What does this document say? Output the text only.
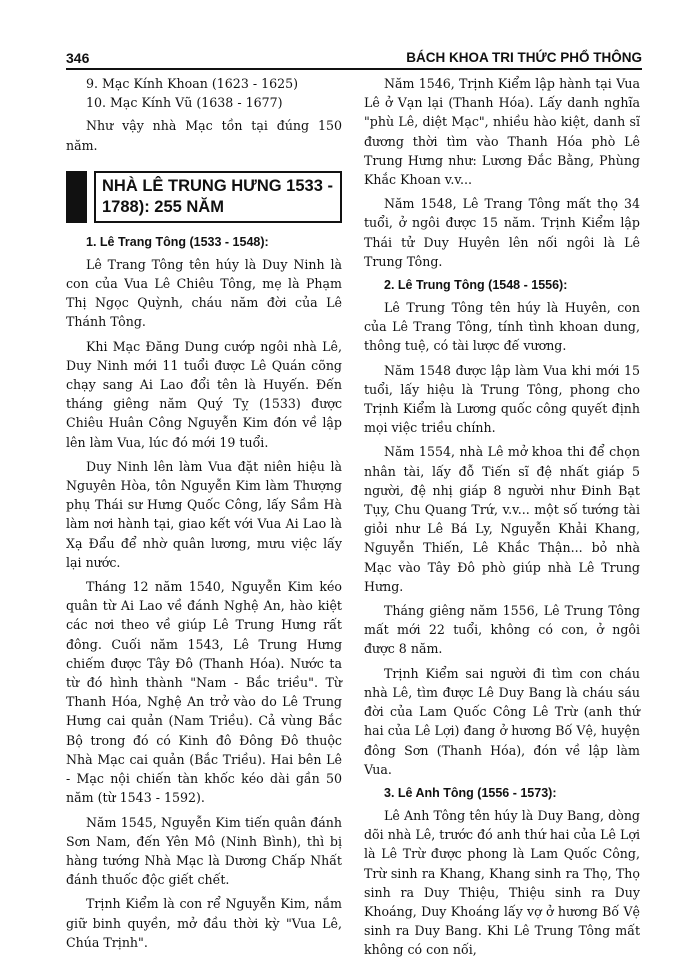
346	BÁCH KHOA TRI THỨC PHỔ THÔNG

9. Mạc Kính Khoan (1623 - 1625)

10. Mạc Kính Vũ (1638 - 1677)

Như vậy nhà Mạc tồn tại đúng 150 năm.

NHÀ LÊ TRUNG HƯNG 1533 - 1788): 255 NĂM
1. Lê Trang Tông (1533 - 1548):

Lê Trang Tông tên húy là Duy Ninh là con của Vua Lê Chiêu Tông, mẹ là Phạm Thị Ngọc Quỳnh, cháu năm đời của Lê Thánh Tông.

Khi Mạc Đăng Dung cướp ngôi nhà Lê, Duy Ninh mới 11 tuổi được Lê Quán cõng chạy sang Ai Lao đổi tên là Huyến. Đến tháng giêng năm Quý Tỵ (1533) được Chiêu Huân Công Nguyễn Kim đón về lập lên làm Vua, lúc đó mới 19 tuổi.

Duy Ninh lên làm Vua đặt niên hiệu là Nguyên Hòa, tôn Nguyễn Kim làm Thượng phụ Thái sư Hưng Quốc Công, lấy Sầm Hà làm nơi hành tại, giao kết với Vua Ai Lao là Xạ Đẩu để nhờ quân lương, mưu việc lấy lại nước.

Tháng 12 năm 1540, Nguyễn Kim kéo quân từ Ai Lao về đánh Nghệ An, hào kiệt các nơi theo về giúp Lê Trung Hưng rất đông. Cuối năm 1543, Lê Trung Hưng chiếm được Tây Đô (Thanh Hóa). Nước ta từ đó hình thành "Nam - Bắc triều". Từ Thanh Hóa, Nghệ An trở vào do Lê Trung Hưng cai quản (Nam Triều). Cả vùng Bắc Bộ trong đó có Kinh đô Đông Đô thuộc Nhà Mạc cai quản (Bắc Triều). Hai bên Lê - Mạc nội chiến tàn khốc kéo dài gần 50 năm (từ 1543 - 1592).

Năm 1545, Nguyễn Kim tiến quân đánh Sơn Nam, đến Yên Mô (Ninh Bình), thì bị hàng tướng Nhà Mạc là Dương Chấp Nhất đánh thuốc độc giết chết.

Trịnh Kiểm là con rể Nguyễn Kim, nắm giữ binh quyền, mở đầu thời kỳ "Vua Lê, Chúa Trịnh".

Năm 1546, Trịnh Kiểm lập hành tại Vua Lê ở Vạn lại (Thanh Hóa). Lấy danh nghĩa "phù Lê, diệt Mạc", nhiều hào kiệt, danh sĩ đương thời tìm vào Thanh Hóa phò Lê Trung Hưng như: Lương Đắc Bằng, Phùng Khắc Khoan v.v...

Năm 1548, Lê Trang Tông mất thọ 34 tuổi, ở ngôi được 15 năm. Trịnh Kiểm lập Thái tử Duy Huyên lên nối ngôi là Lê Trung Tông.

2. Lê Trung Tông (1548 - 1556):

Lê Trung Tông tên húy là Huyên, con của Lê Trang Tông, tính tình khoan dung, thông tuệ, có tài lược đế vương.

Năm 1548 được lập làm Vua khi mới 15 tuổi, lấy hiệu là Trung Tông, phong cho Trịnh Kiểm là Lương quốc công quyết định mọi việc triều chính.

Năm 1554, nhà Lê mở khoa thi để chọn nhân tài, lấy đỗ Tiến sĩ đệ nhất giáp 5 người, đệ nhị giáp 8 người như Đinh Bạt Tụy, Chu Quang Trứ, v.v... một số tướng tài giỏi như Lê Bá Ly, Nguyễn Khải Khang, Nguyễn Thiến, Lê Khắc Thận... bỏ nhà Mạc vào Tây Đô phò giúp nhà Lê Trung Hưng.

Tháng giêng năm 1556, Lê Trung Tông mất mới 22 tuổi, không có con, ở ngôi được 8 năm.

Trịnh Kiểm sai người đi tìm con cháu nhà Lê, tìm được Lê Duy Bang là cháu sáu đời của Lam Quốc Công Lê Trừ (anh thứ hai của Lê Lợi) đang ở hương Bố Vệ, huyện đông Sơn (Thanh Hóa), đón về lập làm Vua.

3. Lê Anh Tông (1556 - 1573):

Lê Anh Tông tên húy là Duy Bang, dòng dõi nhà Lê, trước đó anh thứ hai của Lê Lợi là Lê Trừ được phong là Lam Quốc Công, Trừ sinh ra Khang, Khang sinh ra Thọ, Thọ sinh ra Duy Thiệu, Thiệu sinh ra Duy Khoáng, Duy Khoáng lấy vợ ở hương Bố Vệ sinh ra Duy Bang. Khi Lê Trung Tông mất không có con nối,
